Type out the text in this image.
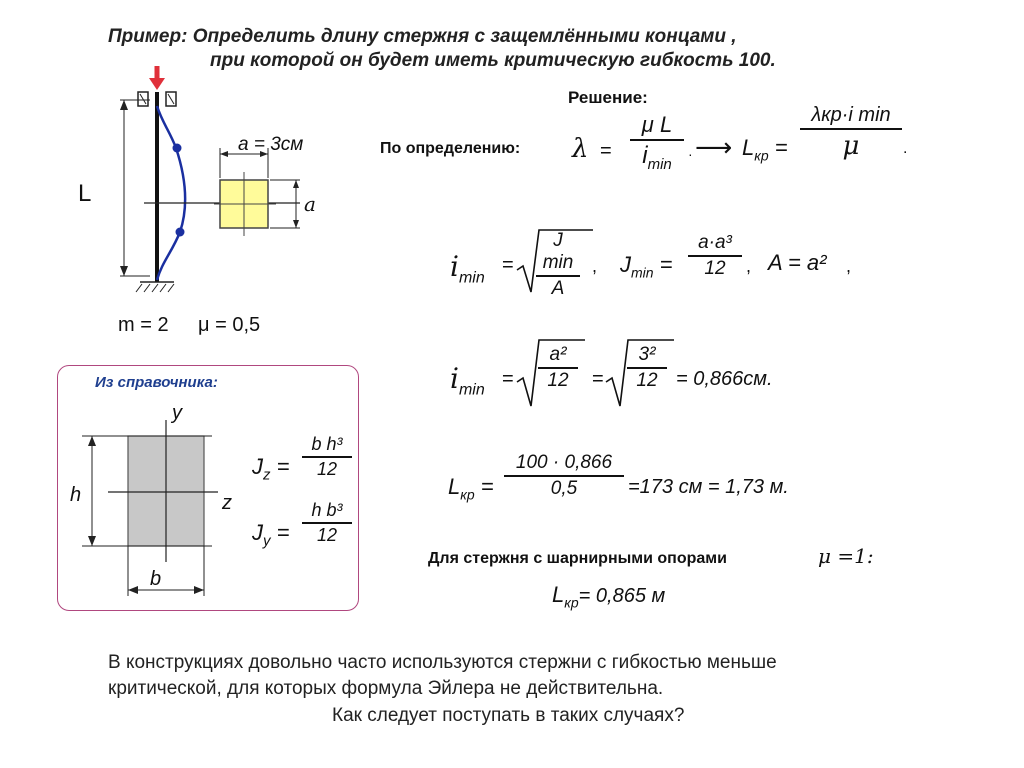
Пример: Определить длину стержня с защемлёнными концами ,
при которой он будет иметь критическую гибкость 100.
L
a = 3см
a
m = 2 μ = 0,5
Решение:
По определению: λ =
μ L
$i_{min}$
· ⟶ $L_{кр}$ =
λкр·i min
μ	.
$i_{min}$
=
J min
A
, $J_{min}$ =
a·a³
12	, A = a² ,
$i_{min}$
=
a²
12	=
3²
12 = 0,866см.
$L_{кр}$ =
100 · 0,866
0,5	=173 см = 1,73 м.
Для стержня с шарнирными опорами	μ =1:
$L_{кр}= 0,865$ м
Из справочника:
y
z
h
b
$J_z$ =
b h³
12
$J_y$ =
h b³
12
В конструкциях довольно часто используются стержни с гибкостью меньше
критической, для которых формула Эйлера не действительна.
Как следует поступать в таких случаях?
